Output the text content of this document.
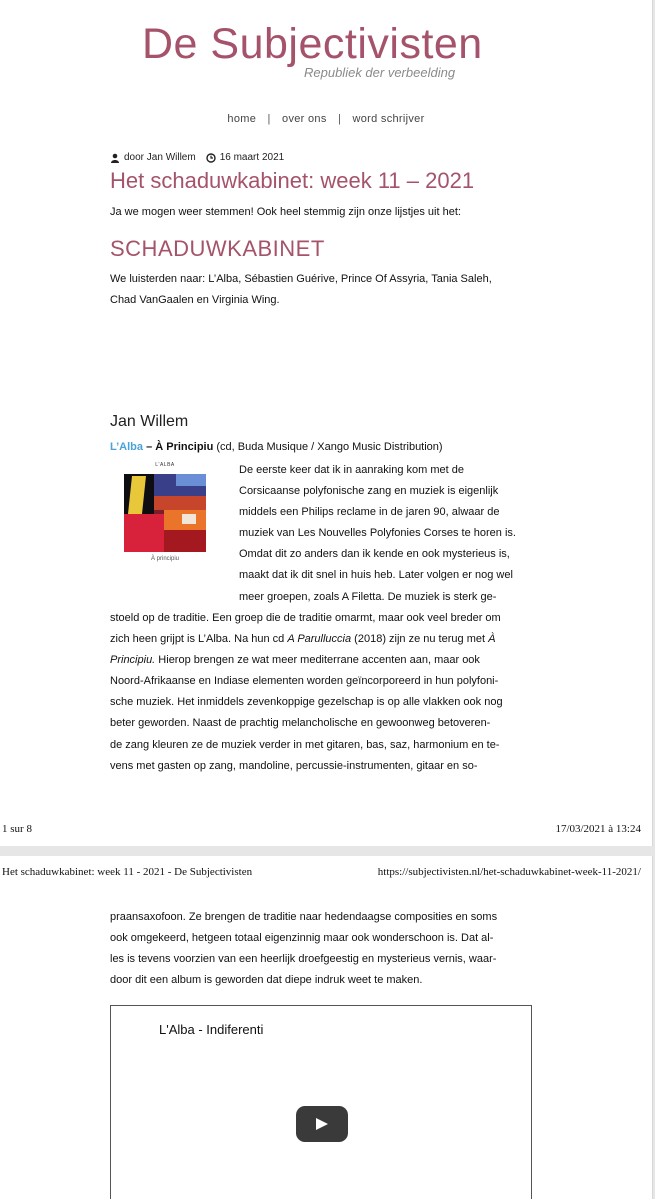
De Subjectivisten
Republiek der verbeelding
home | over ons | word schrijver
door Jan Willem 16 maart 2021
Het schaduwkabinet: week 11 – 2021
Ja we mogen weer stemmen! Ook heel stemmig zijn onze lijstjes uit het:
SCHADUWKABINET
We luisterden naar: L’Alba, Sébastien Guérive, Prince Of Assyria, Tania Saleh,
Chad VanGaalen en Virginia Wing.
Jan Willem
L’Alba – À Principiu (cd, Buda Musique / Xango Music Distribution)
L'ALBA
À principiu
De eerste keer dat ik in aanraking kom met de
Corsicaanse polyfonische zang en muziek is eigenlijk
middels een Philips reclame in de jaren 90, alwaar de
muziek van Les Nouvelles Polyfonies Corses te horen is.
Omdat dit zo anders dan ik kende en ook mysterieus is,
maakt dat ik dit snel in huis heb. Later volgen er nog wel
meer groepen, zoals A Filetta. De muziek is sterk ge-
stoeld op de traditie. Een groep die de traditie omarmt, maar ook veel breder om
zich heen grijpt is L’Alba. Na hun cd A Parulluccia (2018) zijn ze nu terug met À
Principiu. Hierop brengen ze wat meer mediterrane accenten aan, maar ook
Noord-Afrikaanse en Indiase elementen worden geïncorporeerd in hun polyfoni-
sche muziek. Het inmiddels zevenkoppige gezelschap is op alle vlakken ook nog
beter geworden. Naast de prachtig melancholische en gewoonweg betoveren-
de zang kleuren ze de muziek verder in met gitaren, bas, saz, harmonium en te-
vens met gasten op zang, mandoline, percussie-instrumenten, gitaar en so-
1 sur 8	17/03/2021 à 13:24
Het schaduwkabinet: week 11 - 2021 - De Subjectivisten	https://subjectivisten.nl/het-schaduwkabinet-week-11-2021/
praansaxofoon. Ze brengen de traditie naar hedendaagse composities en soms
ook omgekeerd, hetgeen totaal eigenzinnig maar ook wonderschoon is. Dat al-
les is tevens voorzien van een heerlijk droefgeestig en mysterieus vernis, waar-
door dit een album is geworden dat diepe indruk weet te maken.
L'Alba - Indiferenti
